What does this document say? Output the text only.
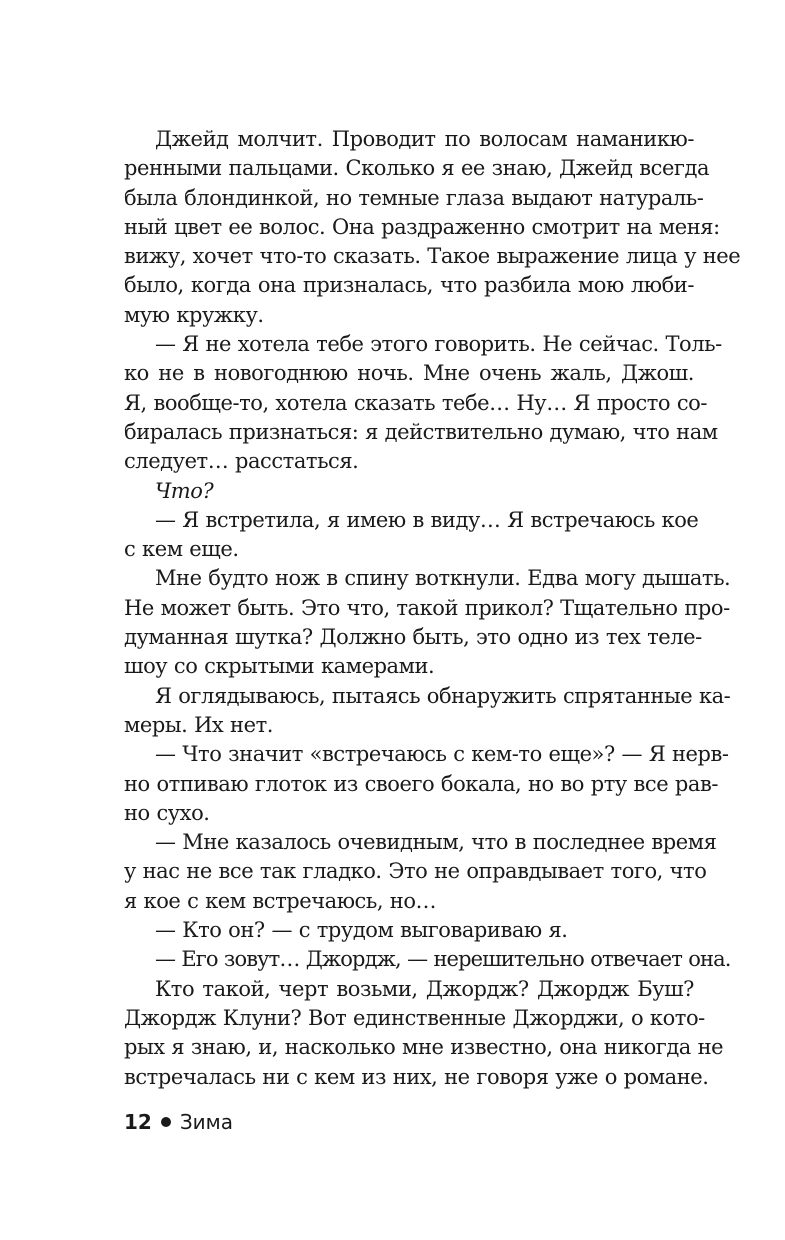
Джейд молчит. Проводит по волосам наманикю-
ренными пальцами. Сколько я ее знаю, Джейд всегда
была блондинкой, но темные глаза выдают натураль-
ный цвет ее волос. Она раздраженно смотрит на меня:
вижу, хочет что-то сказать. Такое выражение лица у нее
было, когда она призналась, что разбила мою люби-
мую кружку.
— Я не хотела тебе этого говорить. Не сейчас. Толь-
ко не в новогоднюю ночь. Мне очень жаль, Джош.
Я, вообще-то, хотела сказать тебе… Ну… Я просто со-
биралась признаться: я действительно думаю, что нам
следует… расстаться.
Что?
— Я встретила, я имею в виду… Я встречаюсь кое
с кем еще.
Мне будто нож в спину воткнули. Едва могу дышать.
Не может быть. Это что, такой прикол? Тщательно про-
думанная шутка? Должно быть, это одно из тех теле-
шоу со скрытыми камерами.
Я оглядываюсь, пытаясь обнаружить спрятанные ка-
меры. Их нет.
— Что значит «встречаюсь с кем-то еще»? — Я нерв-
но отпиваю глоток из своего бокала, но во рту все рав-
но сухо.
— Мне казалось очевидным, что в последнее время
у нас не все так гладко. Это не оправдывает того, что
я кое с кем встречаюсь, но…
— Кто он? — с трудом выговариваю я.
— Его зовут… Джордж, — нерешительно отвечает она.
Кто такой, черт возьми, Джордж? Джордж Буш?
Джордж Клуни? Вот единственные Джорджи, о кото-
рых я знаю, и, насколько мне известно, она никогда не
встречалась ни с кем из них, не говоря уже о романе.
12 Зима
